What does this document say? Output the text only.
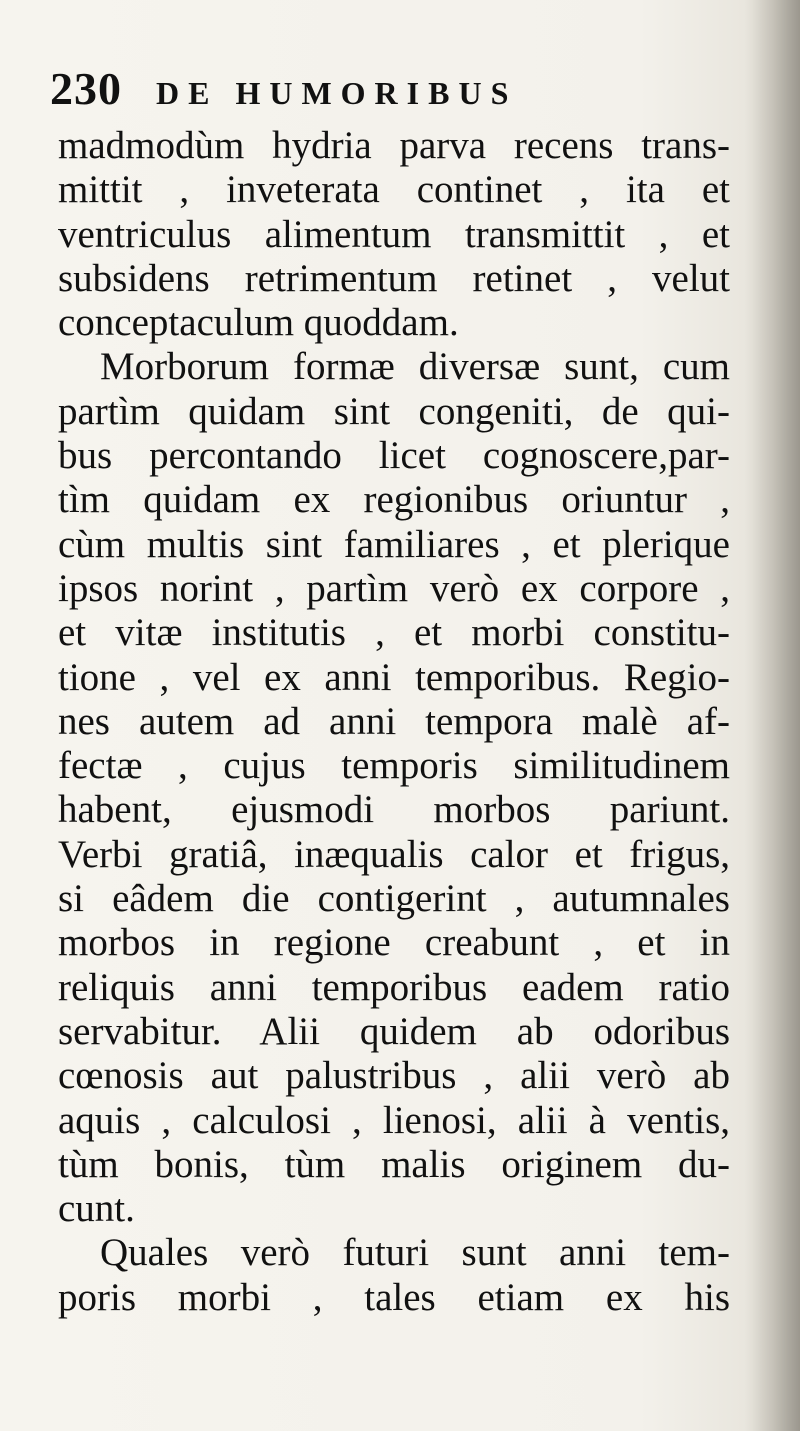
230 DE HUMORIBUS
madmodùm hydria parva recens trans-
mittit , inveterata continet , ita et
ventriculus alimentum transmittit , et
subsidens retrimentum retinet , velut
conceptaculum quoddam.
Morborum formæ diversæ sunt, cum
partìm quidam sint congeniti, de qui-
bus percontando licet cognoscere,par-
tìm quidam ex regionibus oriuntur ,
cùm multis sint familiares , et plerique
ipsos norint , partìm verò ex corpore ,
et vitæ institutis , et morbi constitu-
tione , vel ex anni temporibus. Regio-
nes autem ad anni tempora malè af-
fectæ , cujus temporis similitudinem
habent, ejusmodi morbos pariunt.
Verbi gratiâ, inæqualis calor et frigus,
si eâdem die contigerint , autumnales
morbos in regione creabunt , et in
reliquis anni temporibus eadem ratio
servabitur. Alii quidem ab odoribus
cœnosis aut palustribus , alii verò ab
aquis , calculosi , lienosi, alii à ventis,
tùm bonis, tùm malis originem du-
cunt.
Quales verò futuri sunt anni tem-
poris morbi , tales etiam ex his
